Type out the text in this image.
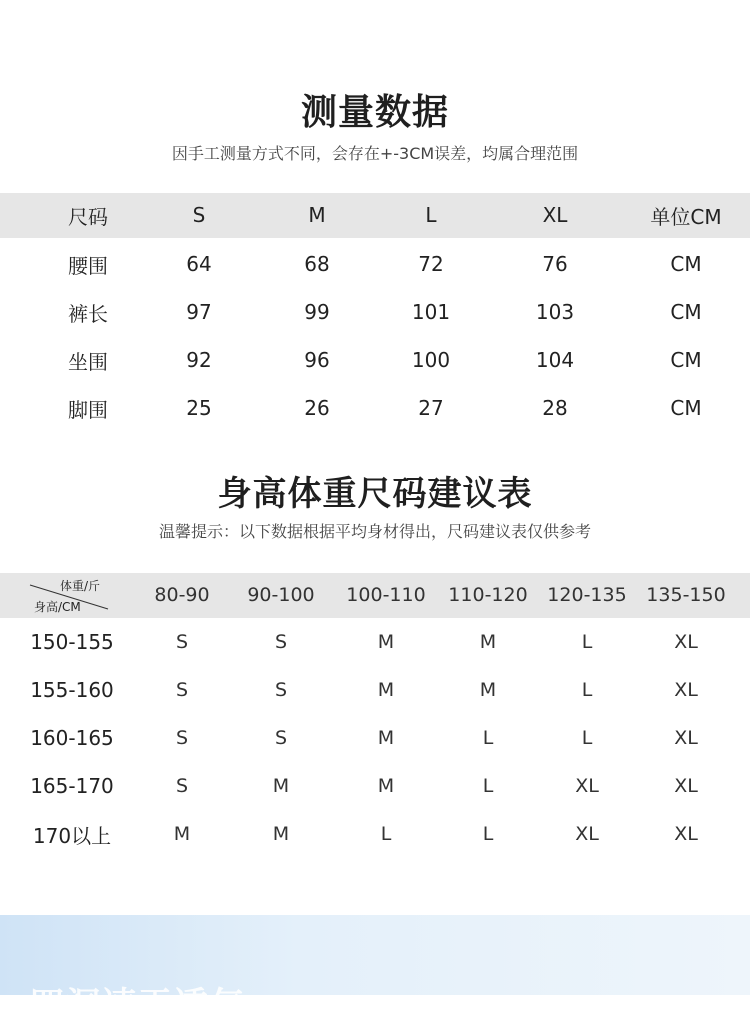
测量数据
因手工测量方式不同，会存在+-3CM误差，均属合理范围
尺码	S	M	L	XL	单位CM
腰围	64	68	72	76	CM
裤长	97	99	101	103	CM
坐围	92	96	100	104	CM
脚围	25	26	27	28	CM
身高体重尺码建议表
温馨提示：以下数据根据平均身材得出，尺码建议表仅供参考
体重/斤
身高/CM
80-90 90-100 100-110 110-120 120-135 135-150
150-155	S	S	M	M	L	XL
155-160	S	S	M	M	L	XL
160-165	S	S	M	L	L	XL
165-170	S	M	M	L	XL	XL
170以上	M	M	L	L	XL	XL
四洞速干透气
